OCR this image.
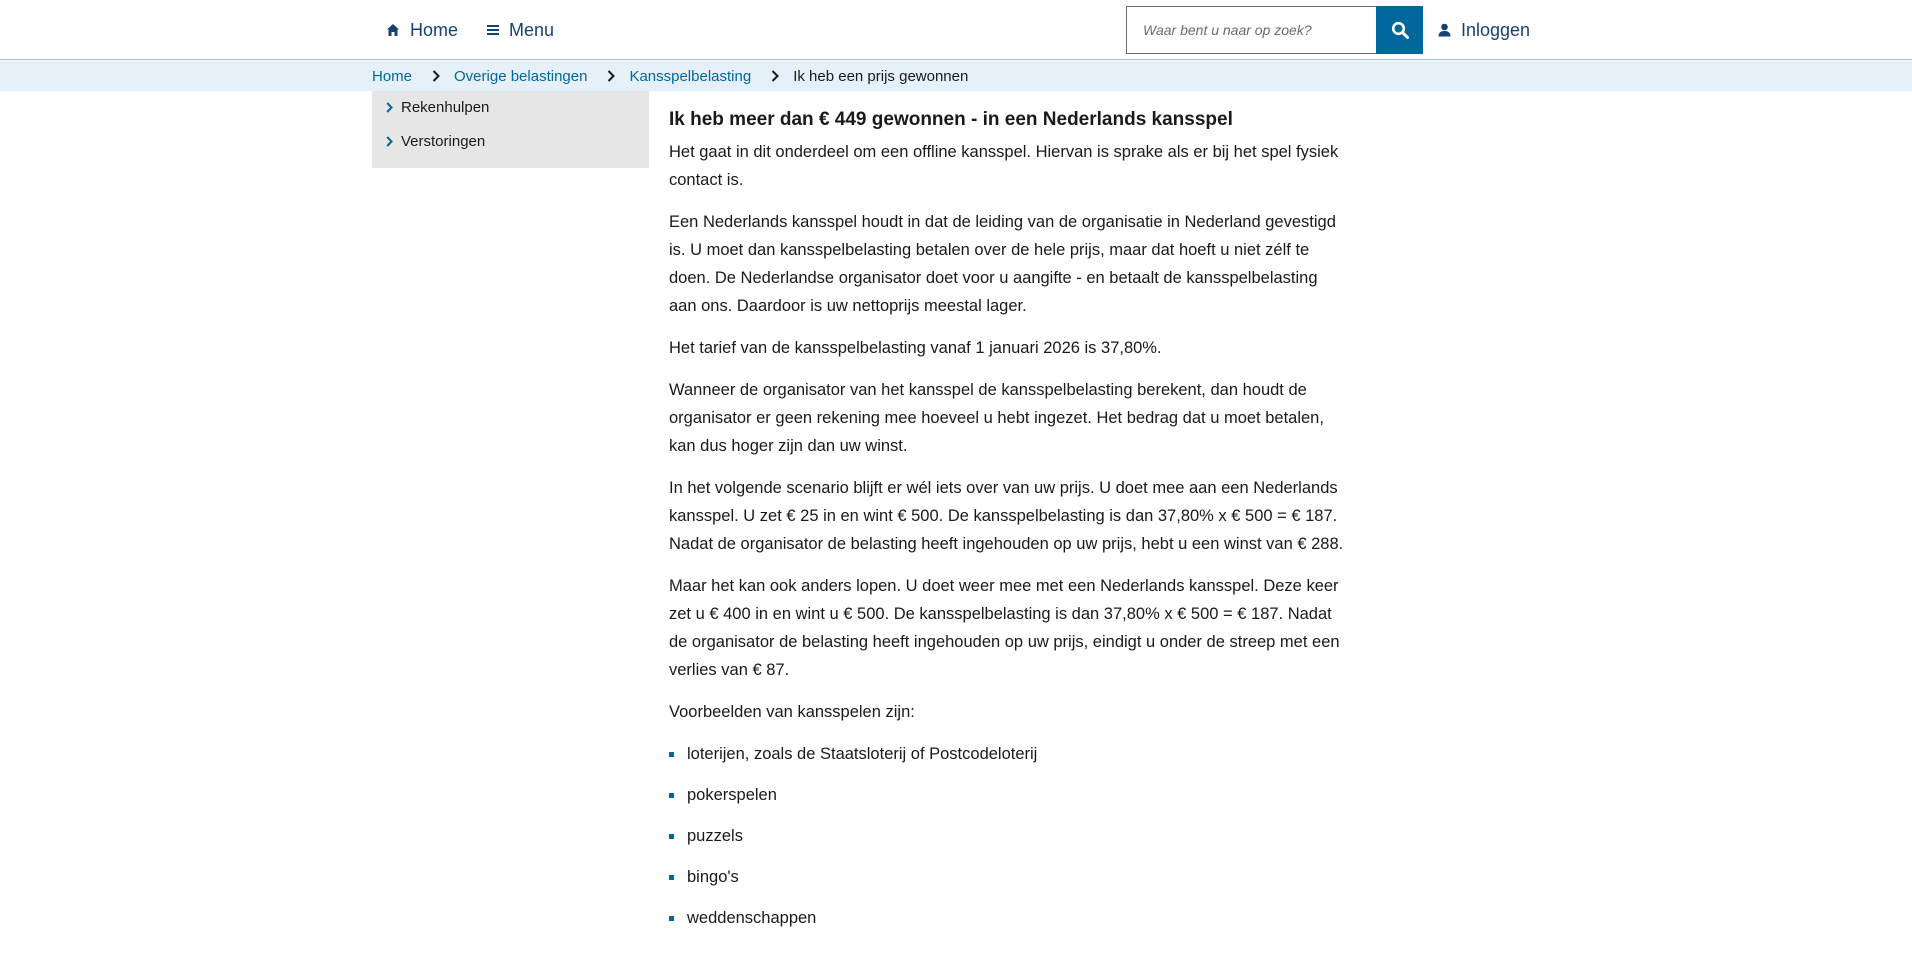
Home	Menu
Waar bent u naar op zoek?	Inloggen
Home	Overige belastingen	Kansspelbelasting	Ik heb een prijs gewonnen
Rekenhulpen
Verstoringen
Ik heb meer dan € 449 gewonnen - in een Nederlands kansspel

Het gaat in dit onderdeel om een offline kansspel. Hiervan is sprake als er bij het spel fysiek contact is.

Een Nederlands kansspel houdt in dat de leiding van de organisatie in Nederland gevestigd is. U moet dan kansspelbelasting betalen over de hele prijs, maar dat hoeft u niet zélf te doen. De Nederlandse organisator doet voor u aangifte - en betaalt de kansspelbelasting aan ons. Daardoor is uw nettoprijs meestal lager.

Het tarief van de kansspelbelasting vanaf 1 januari 2026 is 37,80%.

Wanneer de organisator van het kansspel de kansspelbelasting berekent, dan houdt de organisator er geen rekening mee hoeveel u hebt ingezet. Het bedrag dat u moet betalen, kan dus hoger zijn dan uw winst.

In het volgende scenario blijft er wél iets over van uw prijs. U doet mee aan een Nederlands kansspel. U zet € 25 in en wint € 500. De kansspelbelasting is dan 37,80% x € 500 = € 187. Nadat de organisator de belasting heeft ingehouden op uw prijs, hebt u een winst van € 288.

Maar het kan ook anders lopen. U doet weer mee met een Nederlands kansspel. Deze keer zet u € 400 in en wint u € 500. De kansspelbelasting is dan 37,80% x € 500 = € 187. Nadat de organisator de belasting heeft ingehouden op uw prijs, eindigt u onder de streep met een verlies van € 87.

Voorbeelden van kansspelen zijn:

loterijen, zoals de Staatsloterij of Postcodeloterij
pokerspelen
puzzels
bingo's
weddenschappen
